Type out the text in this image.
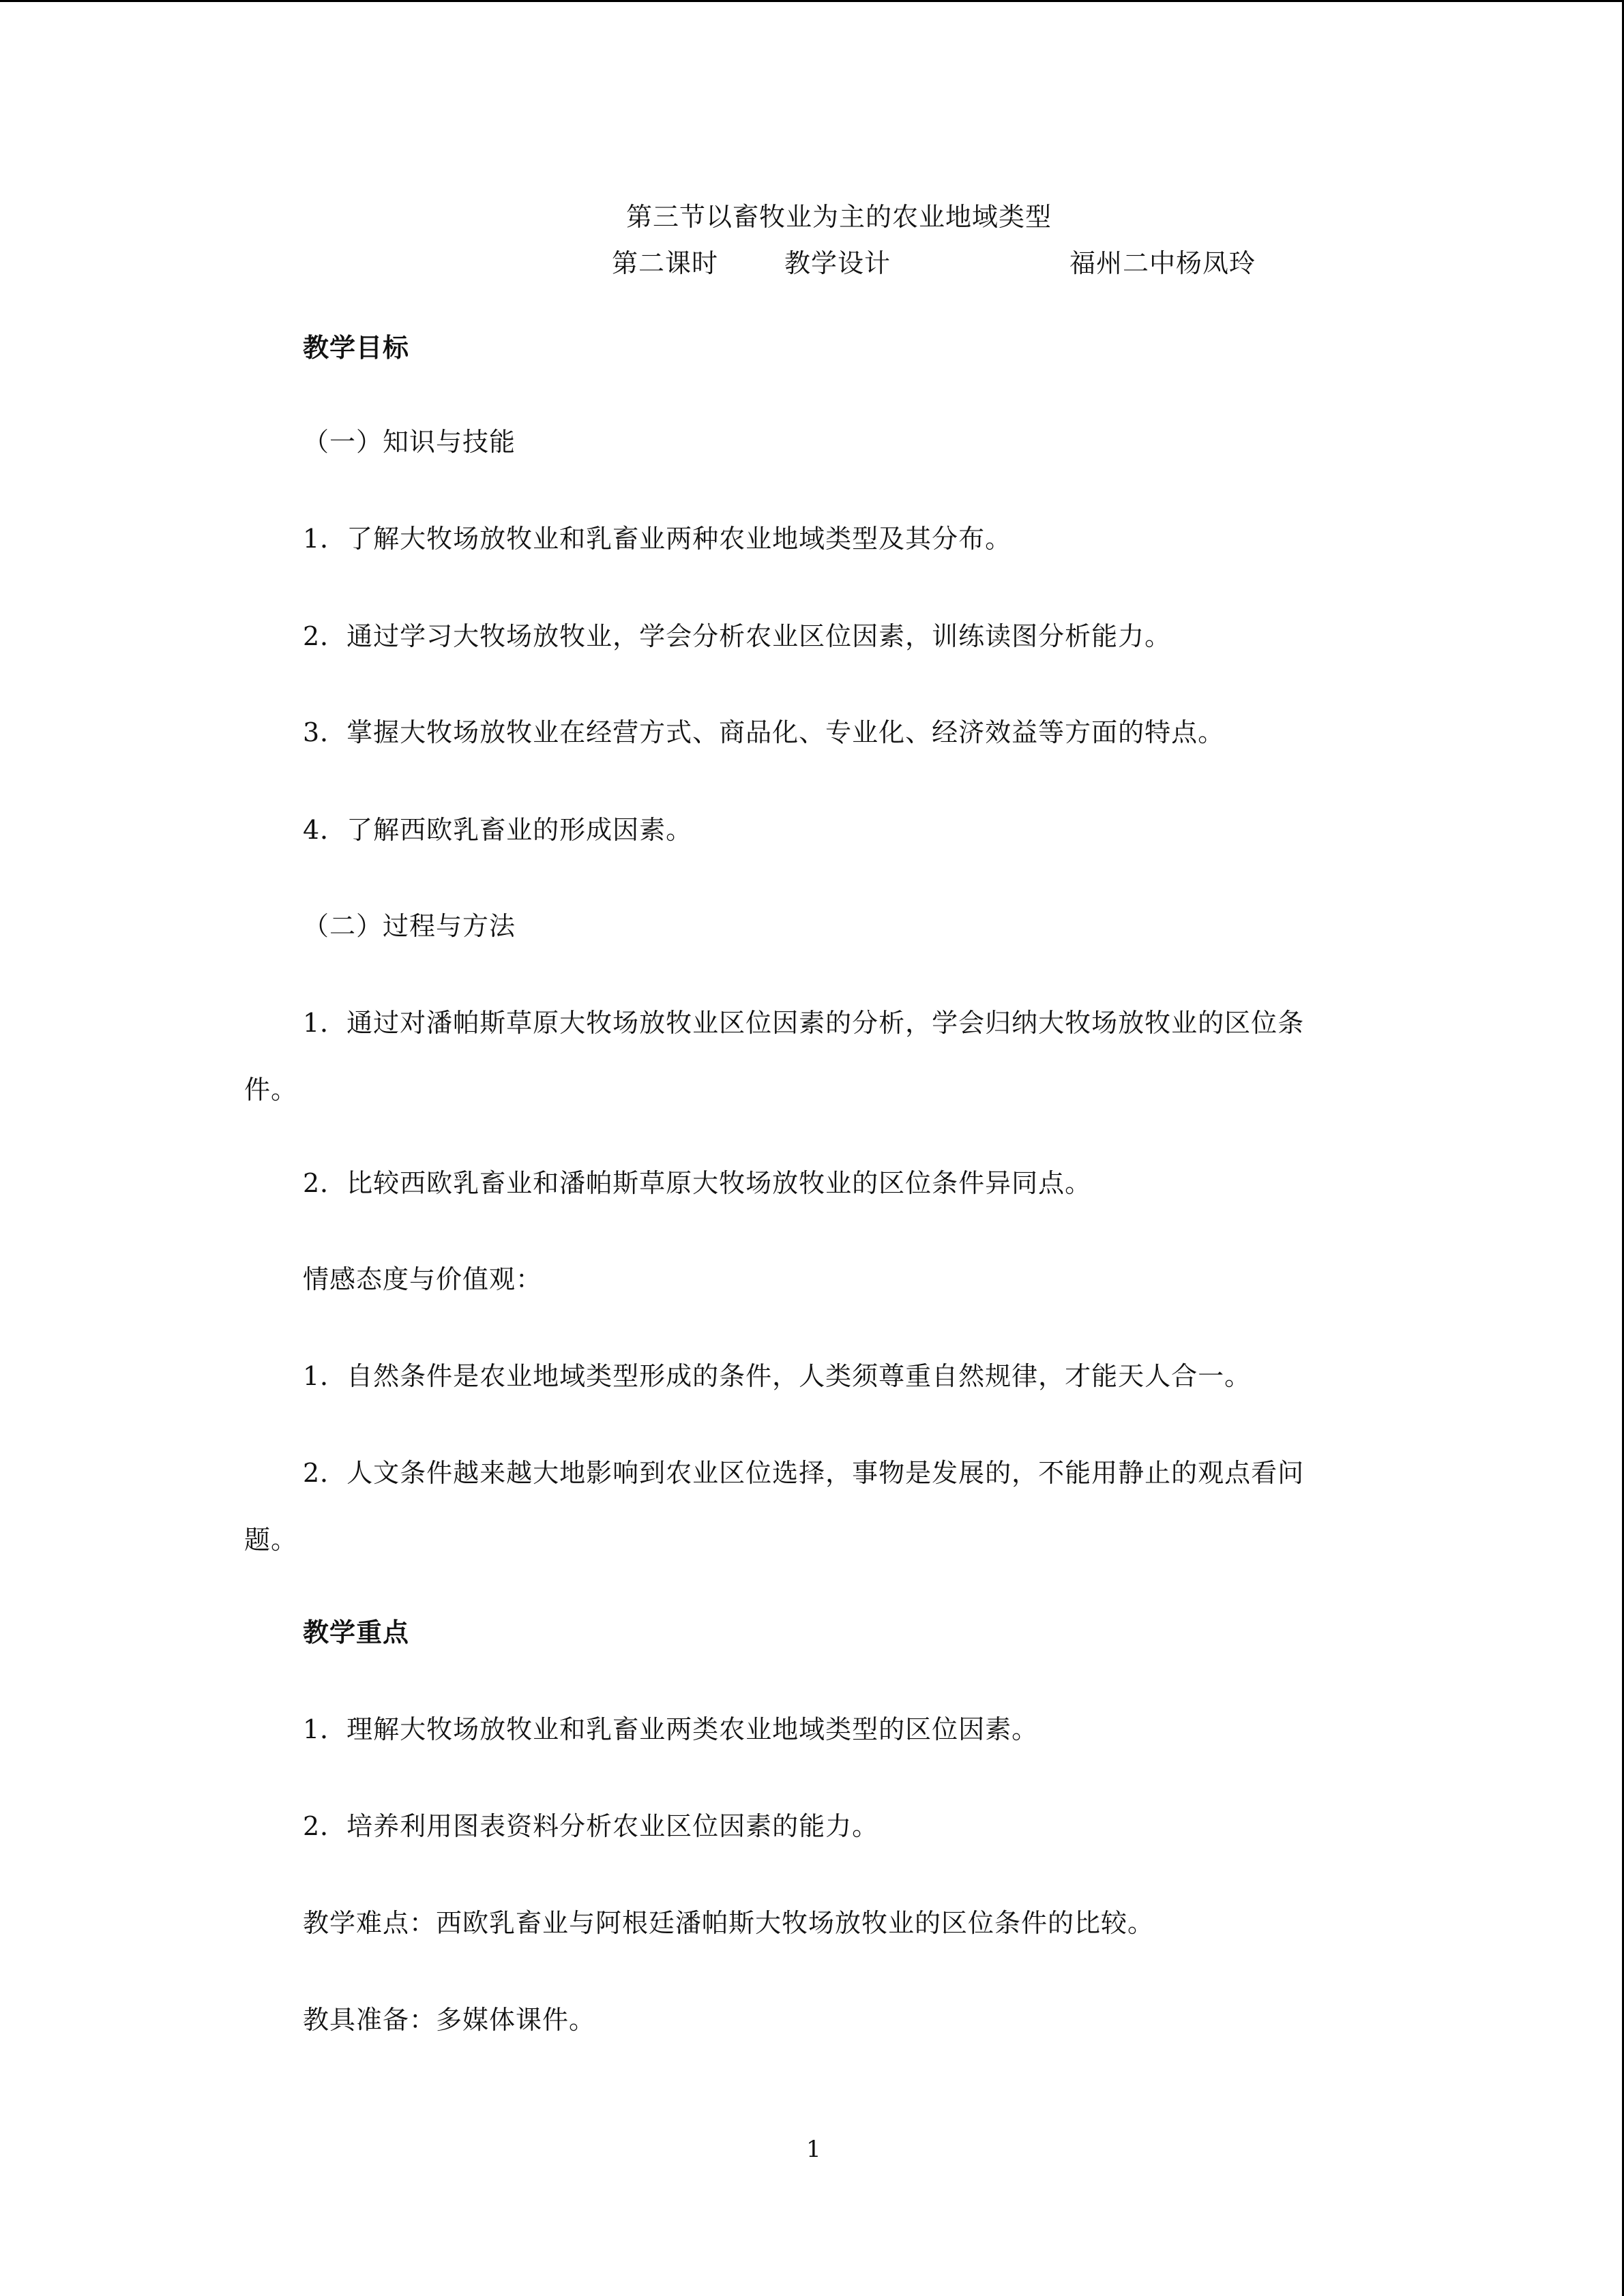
第三节以畜牧业为主的农业地域类型
第二课时	教学设计	福州二中杨凤玲
教学目标
（一）知识与技能
1．了解大牧场放牧业和乳畜业两种农业地域类型及其分布。
2．通过学习大牧场放牧业，学会分析农业区位因素，训练读图分析能力。
3．掌握大牧场放牧业在经营方式、商品化、专业化、经济效益等方面的特点。
4．了解西欧乳畜业的形成因素。
（二）过程与方法
1．通过对潘帕斯草原大牧场放牧业区位因素的分析，学会归纳大牧场放牧业的区位条
件。
2．比较西欧乳畜业和潘帕斯草原大牧场放牧业的区位条件异同点。
情感态度与价值观：
1．自然条件是农业地域类型形成的条件，人类须尊重自然规律，才能天人合一。
2．人文条件越来越大地影响到农业区位选择，事物是发展的，不能用静止的观点看问
题。
教学重点
1．理解大牧场放牧业和乳畜业两类农业地域类型的区位因素。
2．培养利用图表资料分析农业区位因素的能力。
教学难点：西欧乳畜业与阿根廷潘帕斯大牧场放牧业的区位条件的比较。
教具准备：多媒体课件。
1
